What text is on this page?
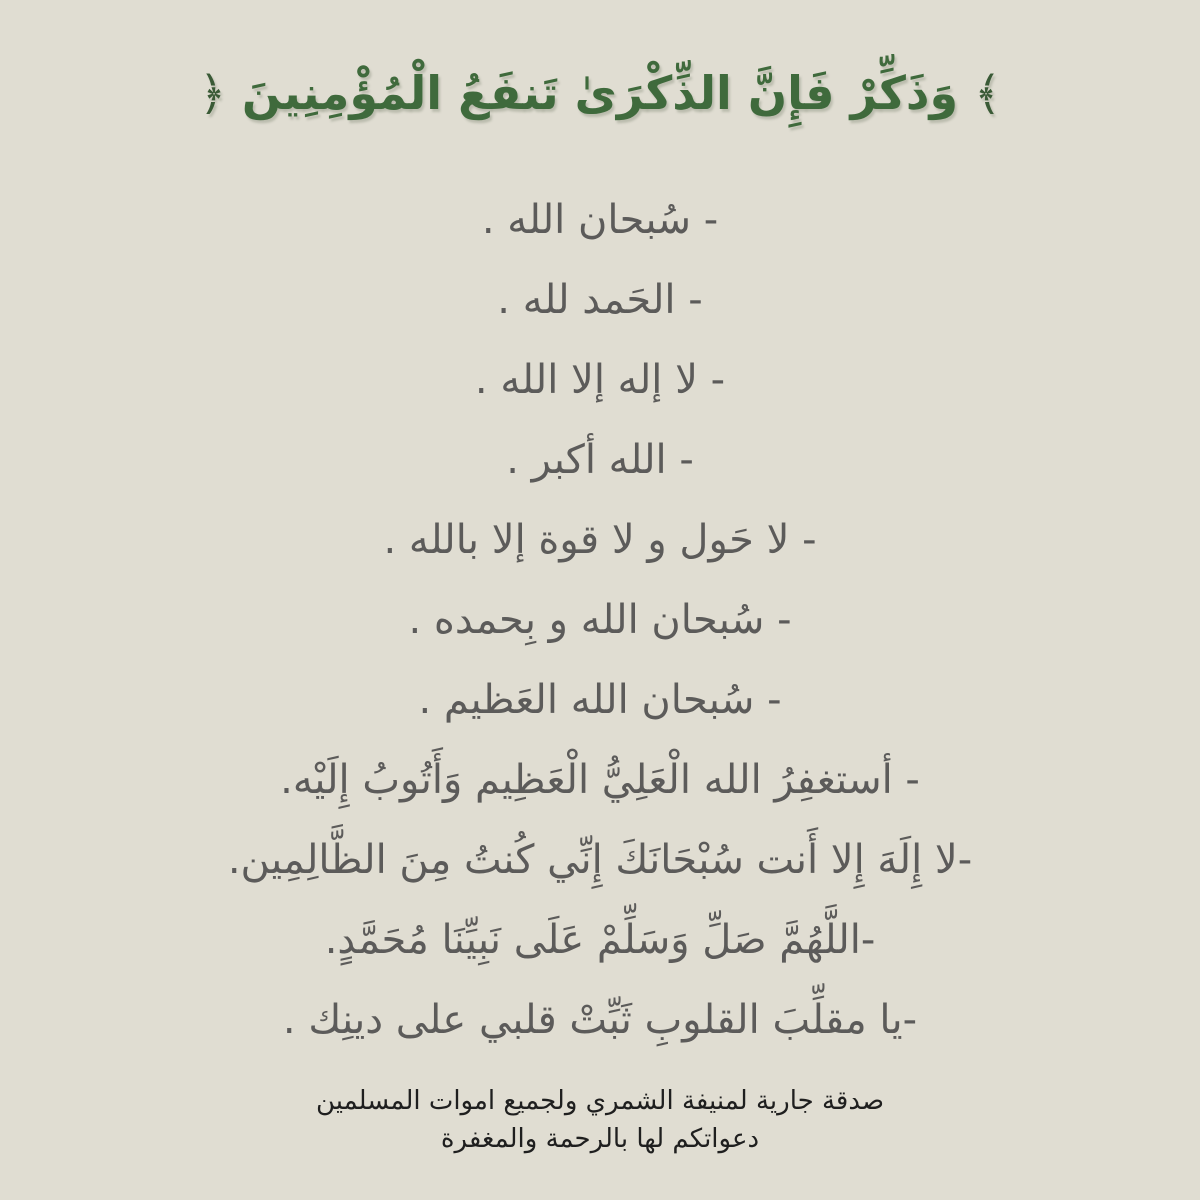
﴾ وَذَكِّرْ فَإِنَّ الذِّكْرَىٰ تَنفَعُ الْمُؤْمِنِينَ ﴿
- سُبحان الله .
- الحَمد لله .
- لا إله إلا الله .
- الله أكبر .
- لا حَول و لا قوة إلا بالله .
- سُبحان الله و بِحمده .
- سُبحان الله العَظيم .
- أستغفِرُ الله الْعَلِيُّ الْعَظِيم وَأَتُوبُ إِلَيْه.
-لا إِلَهَ إِلا أَنت سُبْحَانَكَ إِنِّي كُنتُ مِنَ الظَّالِمِين.
-اللَّهُمَّ صَلِّ وَسَلِّمْ عَلَى نَبِيِّنَا مُحَمَّدٍ.
-يا مقلِّبَ القلوبِ ثَبِّتْ قلبي على دينِك .
صدقة جارية لمنيفة الشمري ولجميع اموات المسلمين
دعواتكم لها بالرحمة والمغفرة
